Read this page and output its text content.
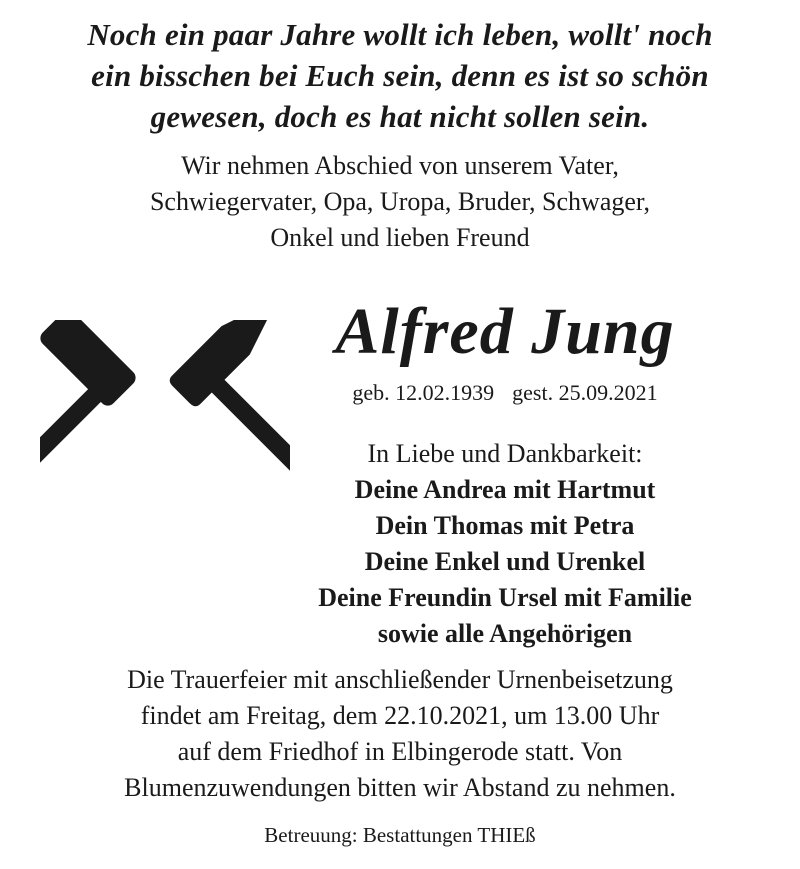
Noch ein paar Jahre wollt ich leben, wollt' noch
ein bisschen bei Euch sein, denn es ist so schön
gewesen, doch es hat nicht sollen sein.
Wir nehmen Abschied von unserem Vater,
Schwiegervater, Opa, Uropa, Bruder, Schwager,
Onkel und lieben Freund
Alfred Jung
geb. 12.02.1939 gest. 25.09.2021
In Liebe und Dankbarkeit:
Deine Andrea mit Hartmut
Dein Thomas mit Petra
Deine Enkel und Urenkel
Deine Freundin Ursel mit Familie
sowie alle Angehörigen
Die Trauerfeier mit anschließender Urnenbeisetzung
findet am Freitag, dem 22.10.2021, um 13.00 Uhr
auf dem Friedhof in Elbingerode statt. Von
Blumenzuwendungen bitten wir Abstand zu nehmen.
Betreuung: Bestattungen THIEß
